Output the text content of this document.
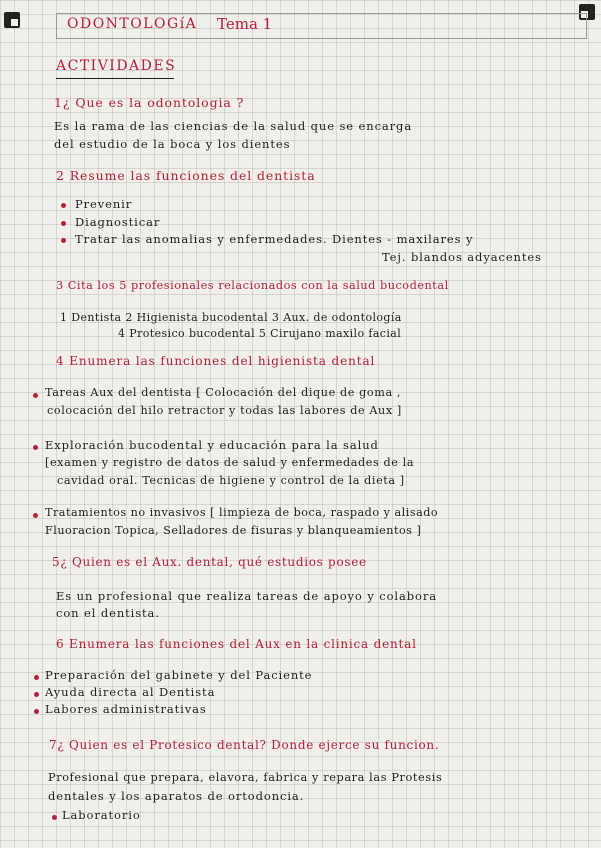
ODONTOLOGíA Tema 1
ACTIVIDADES
1¿ Que es la odontologia ?
Es la rama de las ciencias de la salud que se encarga
del estudio de la boca y los dientes
2 Resume las funciones del dentista
Prevenir
Diagnosticar
Tratar las anomalias y enfermedades. Dientes - maxilares y
Tej. blandos adyacentes
3 Cita los 5 profesionales relacionados con la salud bucodental
1 Dentista 2 Higienista bucodental 3 Aux. de odontología
4 Protesico bucodental 5 Cirujano maxilo facial
4 Enumera las funciones del higienista dental
Tareas Aux del dentista [ Colocación del dique de goma ,
colocación del hilo retractor y todas las labores de Aux ]
Exploración bucodental y educación para la salud
[examen y registro de datos de salud y enfermedades de la
cavidad oral. Tecnicas de higiene y control de la dieta ]
Tratamientos no invasivos [ limpieza de boca, raspado y alisado
Fluoracion Topica, Selladores de fisuras y blanqueamientos ]
5¿ Quien es el Aux. dental, qué estudios posee
Es un profesional que realiza tareas de apoyo y colabora
con el dentista.
6 Enumera las funciones del Aux en la clinica dental
Preparación del gabinete y del Paciente
Ayuda directa al Dentista
Labores administrativas
7¿ Quien es el Protesico dental? Donde ejerce su funcion.
Profesional que prepara, elavora, fabrica y repara las Protesis
dentales y los aparatos de ortodoncia.
Laboratorio
